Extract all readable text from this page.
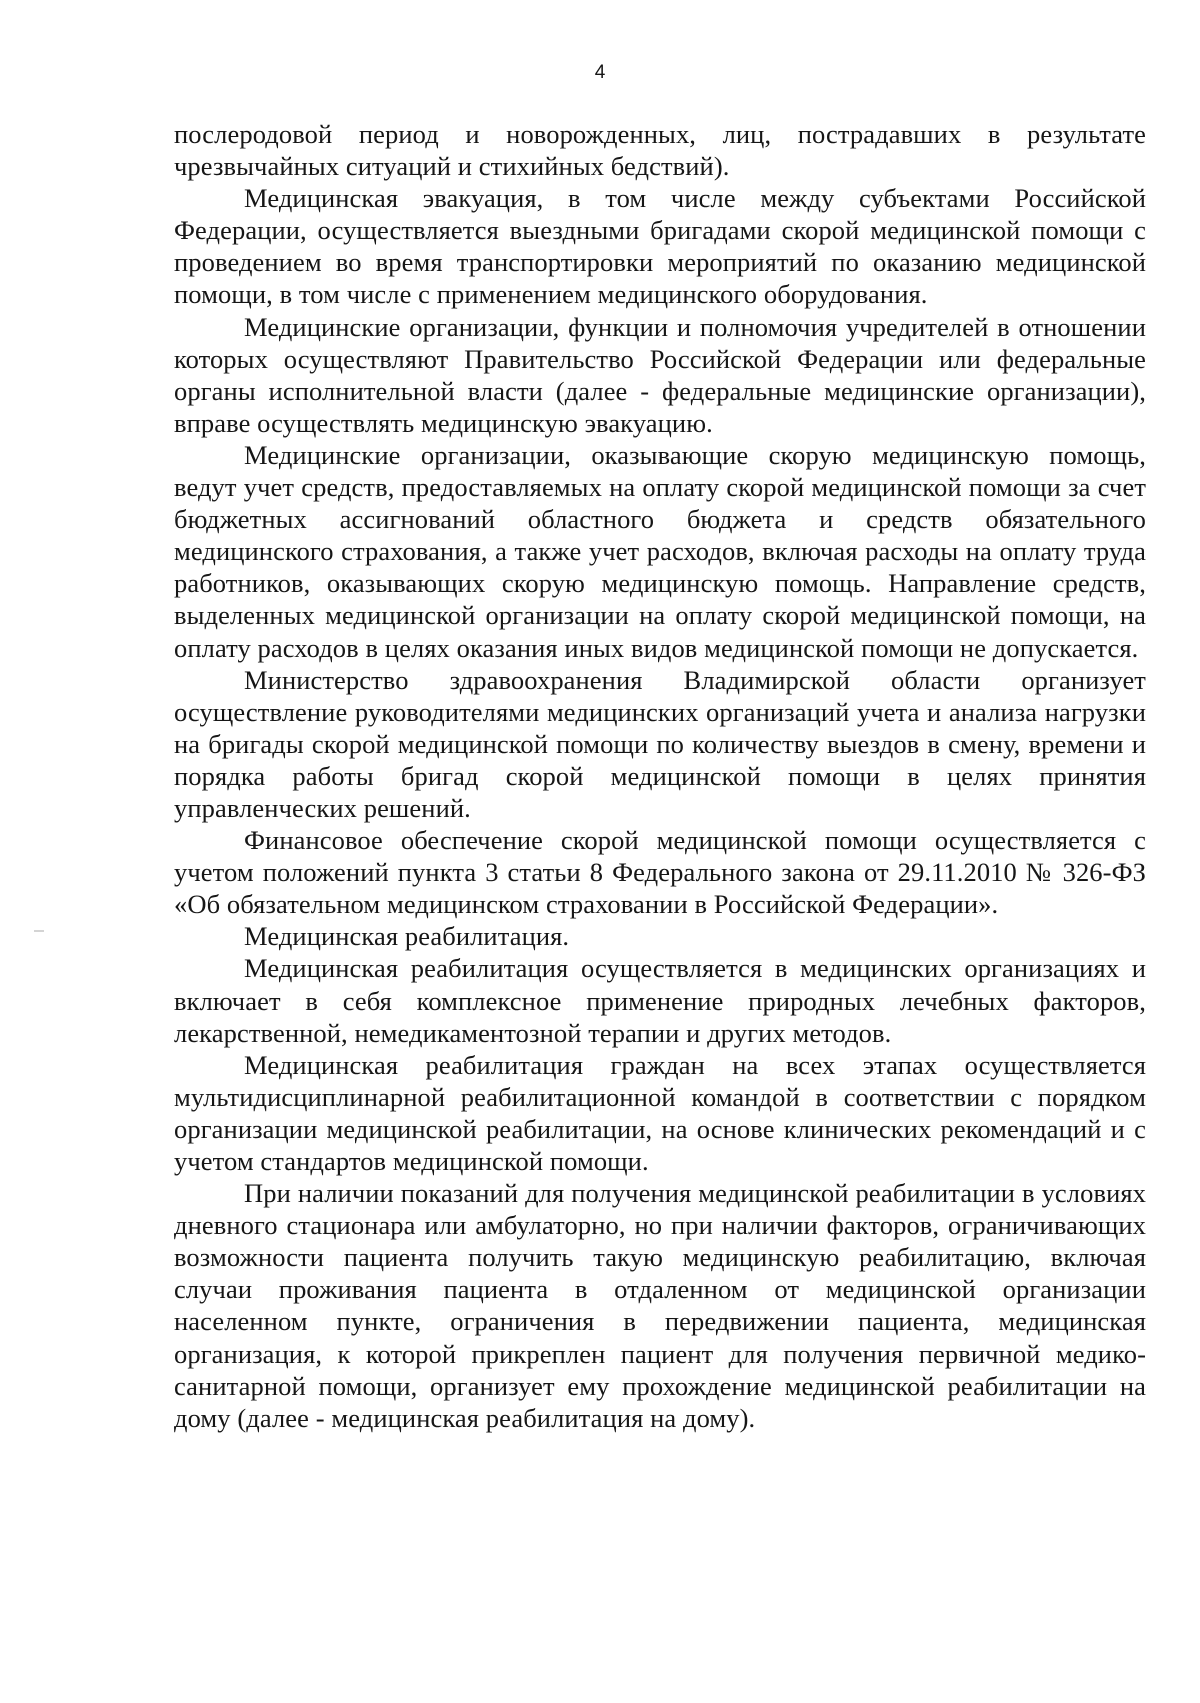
4

послеродовой период и новорожденных, лиц, пострадавших в результате чрезвычайных ситуаций и стихийных бедствий).

Медицинская эвакуация, в том числе между субъектами Российской Федерации, осуществляется выездными бригадами скорой медицинской помощи с проведением во время транспортировки мероприятий по оказанию медицинской помощи, в том числе с применением медицинского оборудования.

Медицинские организации, функции и полномочия учредителей в отношении которых осуществляют Правительство Российской Федерации или федеральные органы исполнительной власти (далее - федеральные медицинские организации), вправе осуществлять медицинскую эвакуацию.

Медицинские организации, оказывающие скорую медицинскую помощь, ведут учет средств, предоставляемых на оплату скорой медицинской помощи за счет бюджетных ассигнований областного бюджета и средств обязательного медицинского страхования, а также учет расходов, включая расходы на оплату труда работников, оказывающих скорую медицинскую помощь. Направление средств, выделенных медицинской организации на оплату скорой медицинской помощи, на оплату расходов в целях оказания иных видов медицинской помощи не допускается.

Министерство здравоохранения Владимирской области организует осуществление руководителями медицинских организаций учета и анализа нагрузки на бригады скорой медицинской помощи по количеству выездов в смену, времени и порядка работы бригад скорой медицинской помощи в целях принятия управленческих решений.

Финансовое обеспечение скорой медицинской помощи осуществляется с учетом положений пункта 3 статьи 8 Федерального закона от 29.11.2010 № 326-ФЗ «Об обязательном медицинском страховании в Российской Федерации».

Медицинская реабилитация.

Медицинская реабилитация осуществляется в медицинских организациях и включает в себя комплексное применение природных лечебных факторов, лекарственной, немедикаментозной терапии и других методов.

Медицинская реабилитация граждан на всех этапах осуществляется мультидисциплинарной реабилитационной командой в соответствии с порядком организации медицинской реабилитации, на основе клинических рекомендаций и с учетом стандартов медицинской помощи.

При наличии показаний для получения медицинской реабилитации в условиях дневного стационара или амбулаторно, но при наличии факторов, ограничивающих возможности пациента получить такую медицинскую реабилитацию, включая случаи проживания пациента в отдаленном от медицинской организации населенном пункте, ограничения в передвижении пациента, медицинская организация, к которой прикреплен пациент для получения первичной медико-санитарной помощи, организует ему прохождение медицинской реабилитации на дому (далее - медицинская реабилитация на дому).
